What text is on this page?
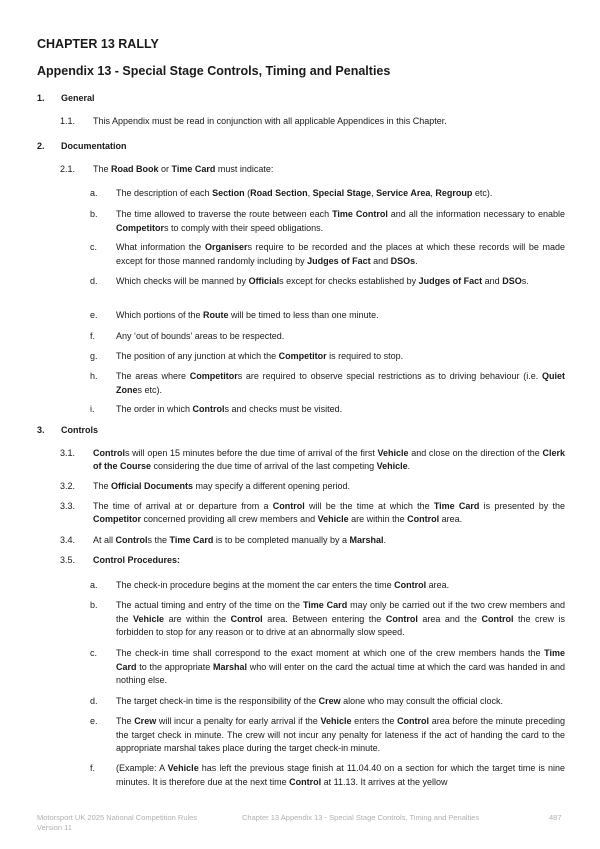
CHAPTER 13 RALLY
Appendix 13 - Special Stage Controls, Timing and Penalties
1. General
1.1. This Appendix must be read in conjunction with all applicable Appendices in this Chapter.
2. Documentation
2.1. The Road Book or Time Card must indicate:
a. The description of each Section (Road Section, Special Stage, Service Area, Regroup etc).
b. The time allowed to traverse the route between each Time Control and all the information necessary to enable Competitors to comply with their speed obligations.
c. What information the Organisers require to be recorded and the places at which these records will be made except for those manned randomly including by Judges of Fact and DSOs.
d. Which checks will be manned by Officials except for checks established by Judges of Fact and DSOs.
e. Which portions of the Route will be timed to less than one minute.
f. Any ‘out of bounds’ areas to be respected.
g. The position of any junction at which the Competitor is required to stop.
h. The areas where Competitors are required to observe special restrictions as to driving behaviour (i.e. Quiet Zones etc).
i. The order in which Controls and checks must be visited.
3. Controls
3.1. Controls will open 15 minutes before the due time of arrival of the first Vehicle and close on the direction of the Clerk of the Course considering the due time of arrival of the last competing Vehicle.
3.2. The Official Documents may specify a different opening period.
3.3. The time of arrival at or departure from a Control will be the time at which the Time Card is presented by the Competitor concerned providing all crew members and Vehicle are within the Control area.
3.4. At all Controls the Time Card is to be completed manually by a Marshal.
3.5. Control Procedures:
a. The check-in procedure begins at the moment the car enters the time Control area.
b. The actual timing and entry of the time on the Time Card may only be carried out if the two crew members and the Vehicle are within the Control area. Between entering the Control area and the Control the crew is forbidden to stop for any reason or to drive at an abnormally slow speed.
c. The check-in time shall correspond to the exact moment at which one of the crew members hands the Time Card to the appropriate Marshal who will enter on the card the actual time at which the card was handed in and nothing else.
d. The target check-in time is the responsibility of the Crew alone who may consult the official clock.
e. The Crew will incur a penalty for early arrival if the Vehicle enters the Control area before the minute preceding the target check in minute. The crew will not incur any penalty for lateness if the act of handing the card to the appropriate marshal takes place during the target check-in minute.
f. (Example: A Vehicle has left the previous stage finish at 11.04.40 on a section for which the target time is nine minutes. It is therefore due at the next time Control at 11.13. It arrives at the yellow
Motorsport UK 2025 National Competition Rules
Version 11
Chapter 13 Appendix 13 - Special Stage Controls, Timing and Penalties	487
